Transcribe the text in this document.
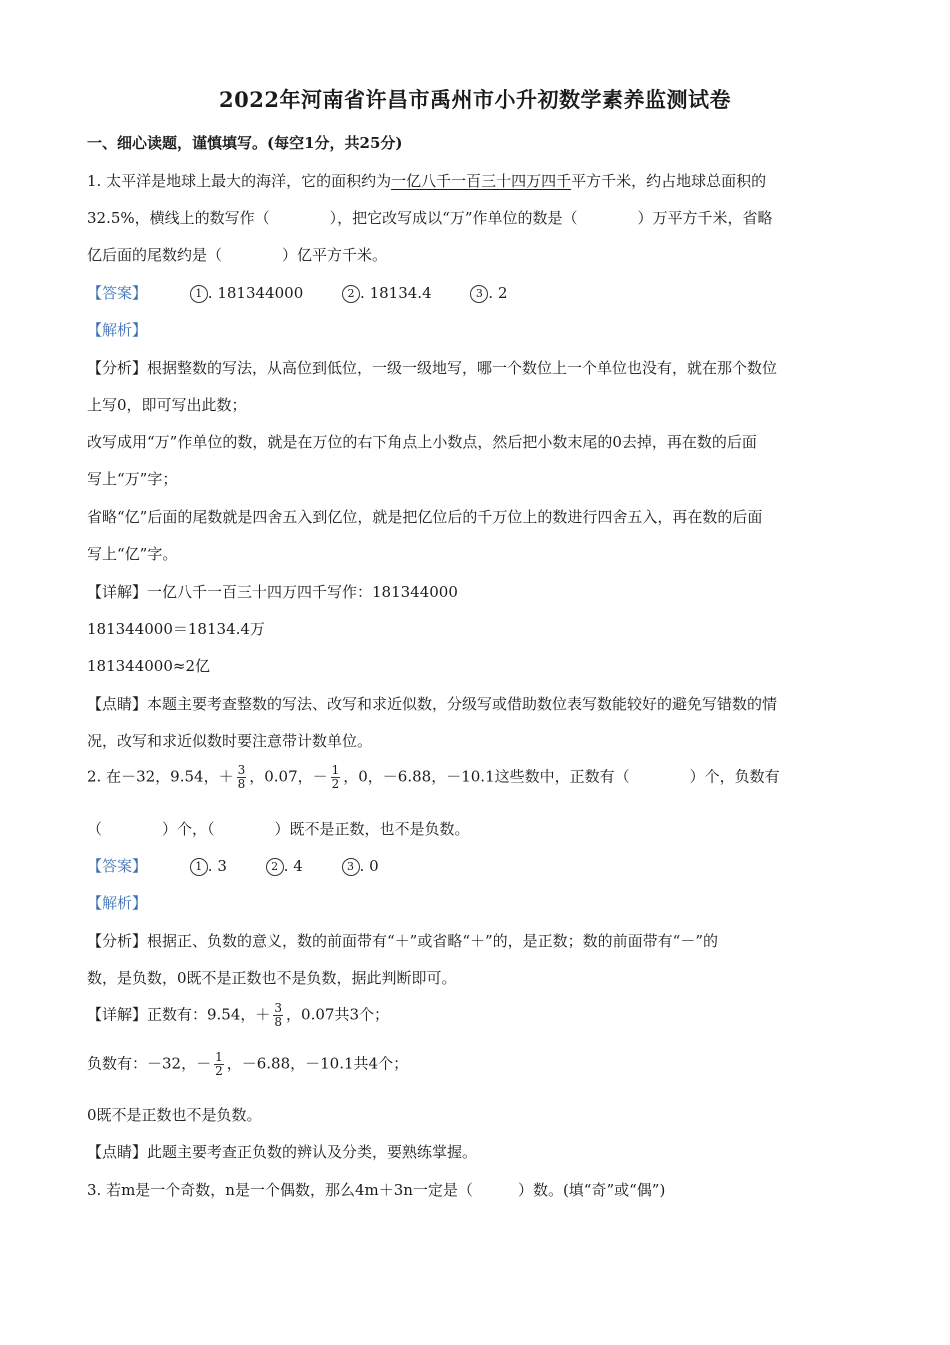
2022年河南省许昌市禹州市小升初数学素养监测试卷
一、细心读题，谨慎填写。(每空1分，共25分)
1. 太平洋是地球上最大的海洋，它的面积约为一亿八千一百三十四万四千平方千米，约占地球总面积的
32.5%，横线上的数写作（　　　　），把它改写成以“万”作单位的数是（　　　　）万平方千米，省略
亿后面的尾数约是（　　　　）亿平方千米。
【答案】	1 . 181344000	2 . 18134.4	3 . 2
【解析】
【分析】根据整数的写法，从高位到低位，一级一级地写，哪一个数位上一个单位也没有，就在那个数位
上写0，即可写出此数；
改写成用“万”作单位的数，就是在万位的右下角点上小数点，然后把小数末尾的0去掉，再在数的后面
写上“万”字；
省略“亿”后面的尾数就是四舍五入到亿位，就是把亿位后的千万位上的数进行四舍五入，再在数的后面
写上“亿”字。
【详解】一亿八千一百三十四万四千写作：181344000
181344000＝18134.4万
181344000≈2亿
【点睛】本题主要考查整数的写法、改写和求近似数，分级写或借助数位表写数能较好的避免写错数的情
况，改写和求近似数时要注意带计数单位。
2. 在－32，9.54，＋ $\frac{3}{8}$ ，0.07，－ $\frac{1}{2}$ ，0，－6.88，－10.1这些数中，正数有（　　　　）个，负数有
（　　　　）个，（　　　　）既不是正数，也不是负数。
【答案】	1 . 3	2 . 4	3 . 0
【解析】
【分析】根据正、负数的意义，数的前面带有“＋”或省略“＋”的，是正数；数的前面带有“－”的
数，是负数，0既不是正数也不是负数，据此判断即可。
【详解】正数有：9.54，＋ $\frac{3}{8}$ ，0.07共3个；
负数有：－32，－ $\frac{1}{2}$ ，－6.88，－10.1共4个；
0既不是正数也不是负数。
【点睛】此题主要考查正负数的辨认及分类，要熟练掌握。
3. 若m是一个奇数，n是一个偶数，那么4m＋3n一定是（　　　）数。(填“奇”或“偶”)
